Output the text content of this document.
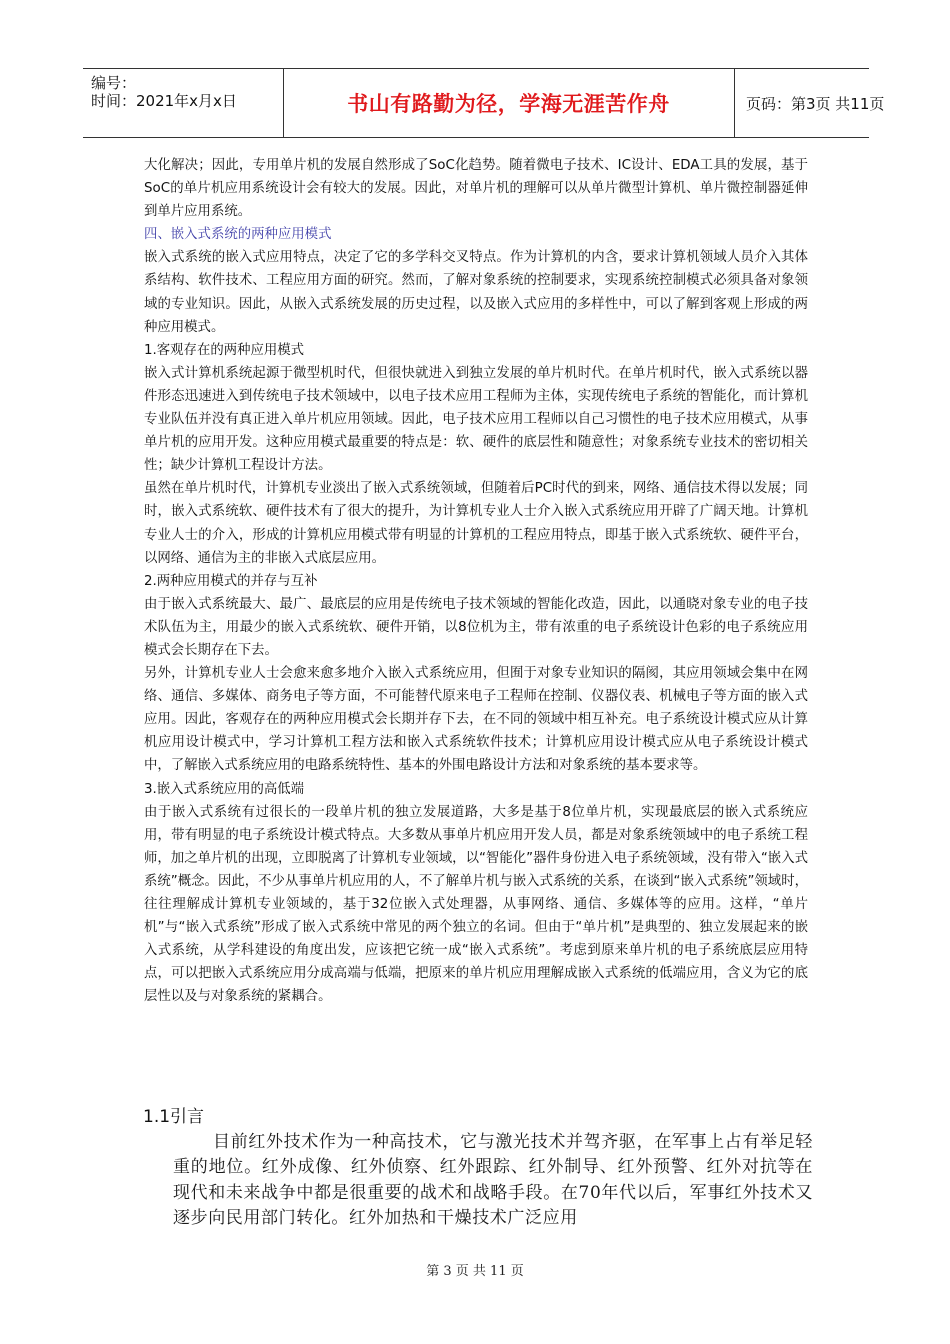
编号：
时间：2021年x月x日	书山有路勤为径，学海无涯苦作舟	页码：第3页 共11页

大化解决；因此，专用单片机的发展自然形成了SoC化趋势。随着微电子技术、IC设计、EDA工具的发展，基于SoC的单片机应用系统设计会有较大的发展。因此，对单片机的理解可以从单片微型计算机、单片微控制器延伸到单片应用系统。

四、嵌入式系统的两种应用模式

嵌入式系统的嵌入式应用特点，决定了它的多学科交叉特点。作为计算机的内含，要求计算机领域人员介入其体系结构、软件技术、工程应用方面的研究。然而，了解对象系统的控制要求，实现系统控制模式必须具备对象领域的专业知识。因此，从嵌入式系统发展的历史过程，以及嵌入式应用的多样性中，可以了解到客观上形成的两种应用模式。

1.客观存在的两种应用模式

嵌入式计算机系统起源于微型机时代，但很快就进入到独立发展的单片机时代。在单片机时代，嵌入式系统以器件形态迅速进入到传统电子技术领域中，以电子技术应用工程师为主体，实现传统电子系统的智能化，而计算机专业队伍并没有真正进入单片机应用领域。因此，电子技术应用工程师以自己习惯性的电子技术应用模式，从事单片机的应用开发。这种应用模式最重要的特点是：软、硬件的底层性和随意性；对象系统专业技术的密切相关性；缺少计算机工程设计方法。

虽然在单片机时代，计算机专业淡出了嵌入式系统领域，但随着后PC时代的到来，网络、通信技术得以发展；同时，嵌入式系统软、硬件技术有了很大的提升，为计算机专业人士介入嵌入式系统应用开辟了广阔天地。计算机专业人士的介入，形成的计算机应用模式带有明显的计算机的工程应用特点，即基于嵌入式系统软、硬件平台，以网络、通信为主的非嵌入式底层应用。

2.两种应用模式的并存与互补

由于嵌入式系统最大、最广、最底层的应用是传统电子技术领域的智能化改造，因此，以通晓对象专业的电子技术队伍为主，用最少的嵌入式系统软、硬件开销，以8位机为主，带有浓重的电子系统设计色彩的电子系统应用模式会长期存在下去。

另外，计算机专业人士会愈来愈多地介入嵌入式系统应用，但囿于对象专业知识的隔阂，其应用领域会集中在网络、通信、多媒体、商务电子等方面，不可能替代原来电子工程师在控制、仪器仪表、机械电子等方面的嵌入式应用。因此，客观存在的两种应用模式会长期并存下去，在不同的领域中相互补充。电子系统设计模式应从计算机应用设计模式中，学习计算机工程方法和嵌入式系统软件技术；计算机应用设计模式应从电子系统设计模式中，了解嵌入式系统应用的电路系统特性、基本的外围电路设计方法和对象系统的基本要求等。

3.嵌入式系统应用的高低端

由于嵌入式系统有过很长的一段单片机的独立发展道路，大多是基于8位单片机，实现最底层的嵌入式系统应用，带有明显的电子系统设计模式特点。大多数从事单片机应用开发人员，都是对象系统领域中的电子系统工程师，加之单片机的出现，立即脱离了计算机专业领域，以“智能化”器件身份进入电子系统领域，没有带入“嵌入式系统”概念。因此，不少从事单片机应用的人，不了解单片机与嵌入式系统的关系，在谈到“嵌入式系统”领域时，往往理解成计算机专业领域的，基于32位嵌入式处理器，从事网络、通信、多媒体等的应用。这样，“单片机”与“嵌入式系统”形成了嵌入式系统中常见的两个独立的名词。但由于“单片机”是典型的、独立发展起来的嵌入式系统，从学科建设的角度出发，应该把它统一成“嵌入式系统”。考虑到原来单片机的电子系统底层应用特点，可以把嵌入式系统应用分成高端与低端，把原来的单片机应用理解成嵌入式系统的低端应用，含义为它的底层性以及与对象系统的紧耦合。

1.1引言

目前红外技术作为一种高技术，它与激光技术并驾齐驱，在军事上占有举足轻重的地位。红外成像、红外侦察、红外跟踪、红外制导、红外预警、红外对抗等在现代和未来战争中都是很重要的战术和战略手段。在70年代以后，军事红外技术又逐步向民用部门转化。红外加热和干燥技术广泛应用

第 3 页 共 11 页
